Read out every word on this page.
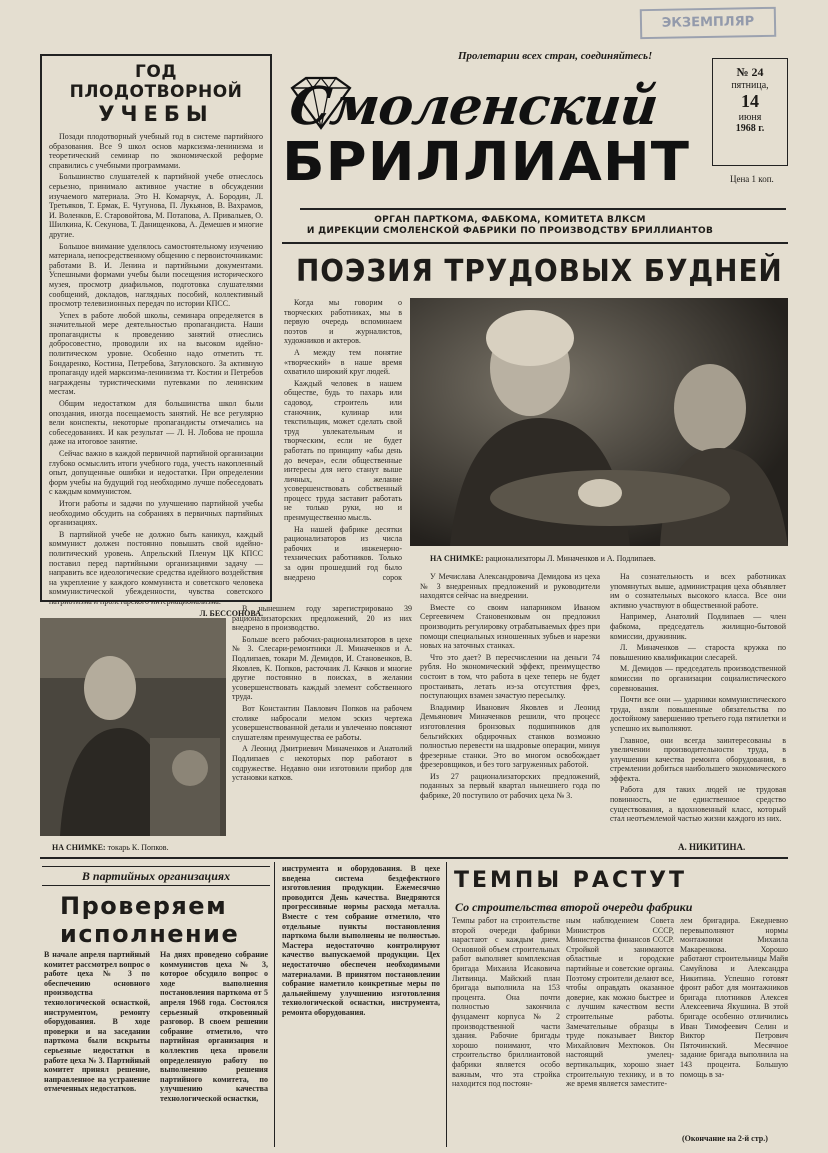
ЭКЗЕМПЛЯР
Пролетарии всех стран, соединяйтесь!
ГОД ПЛОДОТВОРНОЙ
УЧЕБЫ

Позади плодотворный учебный год в системе партийного образования. Все 9 школ основ марксизма-ленинизма и теоретический семинар по экономической реформе справились с учебными программами.

Большинство слушателей к партийной учебе отнеслось серьезно, принимало активное участие в обсуждении изучаемого материала. Это Н. Комарчук, А. Бородин, Л. Третьяков, Т. Ермак, Е. Чугунова, П. Лукьянов, В. Вахрамов, И. Воленков, Е. Старовойтова, М. Потапова, А. Привалыев, О. Шилкина, К. Секунова, Т. Данищенкова, А. Демешев и многие другие.

Большое внимание уделялось самостоятельному изучению материала, непосредственному общению с первоисточниками: работами В. И. Ленина и партийными документами. Успешными формами учебы были посещения исторического музея, просмотр диафильмов, подготовка слушателями сообщений, докладов, наглядных пособий, коллективный просмотр телевизионных передач по истории КПСС.

Успех в работе любой школы, семинара определяется в значительной мере деятельностью пропагандиста. Наши пропагандисты к проведению занятий отнеслись добросовестно, проводили их на высоком идейно-политическом уровне. Особенно надо отметить тт. Бондаренко, Костина, Петребова, Затуловского. За активную пропаганду идей марксизма-ленинизма тт. Костин и Петребов награждены туристическими путевками по ленинским местам.

Общим недостатком для большинства школ были опоздания, иногда посещаемость занятий. Не все регулярно вели конспекты, некоторые пропагандисты отмечались на собеседованиях. И как результат — Л. Н. Лобова не прошла даже на итоговое занятие.

Сейчас важно в каждой первичной партийной организации глубоко осмыслить итоги учебного года, учесть накопленный опыт, допущенные ошибки и недостатки. При определении форм учебы на будущий год необходимо лучше побеседовать с каждым коммунистом.

Итоги работы и задачи по улучшению партийной учебы необходимо обсудить на собраниях в первичных партийных организациях.

В партийной учебе не должно быть каникул, каждый коммунист должен постоянно повышать свой идейно-политический уровень. Апрельский Пленум ЦК КПСС поставил перед партийными организациями задачу — направить все идеологические средства идейного воздействия на укрепление у каждого коммуниста и советского человека коммунистической убежденности, чувства советского патриотизма и пролетарского интернационализма.

Л. БЕССОНОВА.
Смоленский
БРИЛЛИАНТ
№ 24
пятница,
14
июня
1968 г.
Цена 1 коп.
ОРГАН ПАРТКОМА, ФАБКОМА, КОМИТЕТА ВЛКСМ
И ДИРЕКЦИИ СМОЛЕНСКОЙ ФАБРИКИ ПО ПРОИЗВОДСТВУ БРИЛЛИАНТОВ
ПОЭЗИЯ ТРУДОВЫХ БУДНЕЙ

Когда мы говорим о творческих работниках, мы в первую очередь вспоминаем поэтов и журналистов, художников и актеров.

А между тем понятие «творческий» в наше время охватило широкий круг людей.

Каждый человек в нашем обществе, будь то пахарь или садовод, строитель или станочник, кулинар или текстильщик, может сделать свой труд увлекательным и творческим, если не будет работать по принципу «абы день до вечера», если общественные интересы для него станут выше личных, а желание усовершенствовать собственный процесс труда заставит работать не только руки, но и пренмущественно мысль.

На нашей фабрике десятки рационализаторов из числа рабочих и инженерно-технических работников. Только за один прошедший год было внедрено сорок

НА СНИМКЕ: рационализаторы Л. Миначенков и А. Подлипаев.

В нынешнем году зарегистрировано 39 рационализаторских предложений, 20 из них внедрено в производство.

Больше всего рабочих-рационализаторов в цехе № 3. Слесари-ремонтники Л. Миначенков и А. Подлипаев, токари М. Демидов, И. Становенков, В. Яковлев, К. Попков, расточник Л. Качков и многие другие постоянно в поисках, в желании усовершенствовать каждый элемент собственного труда.

Вот Константин Павлович Попков на рабочем столике набросали мелом эскиз чертежа усовершенствованной детали и увлеченно поясняют слушателям преимущества ее работы.

А Леонид Дмитриевич Миначенков и Анатолий Подлипаев с некоторых пор работают в содружестве. Недавно они изготовили прибор для установки катков.

У Мечислава Александровича Демидова из цеха № 3 внедренных предложений и руководители находятся сейчас на внедрении.

Вместе со своим напарником Иваном Сергеевичем Становенковым он предложил производить регулировку отрабатываемых фрез при помощи специальных изношенных зубьев и нарезки новых на заточных станках.

Что это дает? В пересчислении на деньги 74 рубля. Но экономический эффект, преимущество состоит в том, что работа в цехе теперь не будет простаивать, летать из-за отсутствия фрез, поступающих взамен зачастую пересылку.

Владимир Иванович Яковлев и Леонид Демьянович Миначенков решили, что процесс изготовления бронзовых подшипников для бельгийских обдирочных станков возможно полностью перевести на шадровые операции, минуя фрезерные станки. Это во многом освобождает фрезеровщиков, и без того загруженных работой.

Из 27 рационализаторских предложений, поданных за первый квартал нынешнего года по фабрике, 20 поступило от рабочих цеха № 3.

На сознательность и всех работниках упомянутых выше, администрация цеха объявляет им о сознательных высокого класса. Все они активно участвуют в общественной работе.

Например, Анатолий Подлипаев — член фабкома, председатель жилищно-бытовой комиссии, дружинник.

Л. Миначенков — староста кружка по повышению квалификации слесарей.

М. Демидов — председатель производственной комиссии по организации социалистического соревнования.

Почти все они — ударники коммунистического труда, взяли повышенные обязательства по достойному завершению третьего года пятилетки и успешно их выполняют.

Главное, они всегда заинтересованы в увеличении производительности труда, в улучшении качества ремонта оборудования, в стремлении добиться наибольшего экономического эффекта.

Работа для таких людей не трудовая повинность, не единственное средство существования, а вдохновенный класс, который стал неотъемлемой частью жизни каждого из них.

А. НИКИТИНА.
НА СНИМКЕ: токарь К. Попков.
В партийных организациях
Проверяем
исполнение
В начале апреля партийный комитет рассмотрел вопрос о работе цеха № 3 по обеспечению основного производства технологической оснасткой, инструментом, ремонту оборудования. В ходе проверки и на заседании парткома были вскрыты серьезные недостатки в работе цеха № 3. Партийный комитет принял решение, направленное на устранение отмеченных недостатков.
На днях проведено собрание коммунистов цеха № 3, которое обсудило вопрос о ходе выполнения постановления парткома от 5 апреля 1968 года. Состоялся серьезный откровенный разговор. В своем решении собрание отметило, что партийная организация и коллектив цеха провели определенную работу по выполнению решения партийного комитета, по улучшению качества технологической оснастки,
инструмента и оборудования. В цехе введена система бездефектного изготовления продукции. Ежемесячно проводится День качества. Внедряются прогрессивные нормы расхода металла. Вместе с тем собрание отметило, что отдельные пункты постановления парткома были выполнены не полностью. Мастера недостаточно контролируют качество выпускаемой продукции. Цех недостаточно обеспечен необходимыми материалами. В принятом постановлении собрание наметило конкретные меры по дальнейшему улучшению изготовления технологической оснастки, инструмента, ремонта оборудования.
ТЕМПЫ РАСТУТ
Со строительства второй очереди фабрики
Темпы работ на строительстве второй очереди фабрики нарастают с каждым днем. Основной объем строительных работ выполняет комплексная бригада Михаила Исаковича Литвинца. Майский план бригада выполнила на 153 процента. Она почти полностью закончила фундамент корпуса № 2 производственной части здания. Рабочие бригады хорошо понимают, что строительство бриллиантовой фабрики является особо важным, что эта стройка находится под постоян-
ным наблюдением Совета Министров СССР, Министерства финансов СССР. Стройкой занимаются областные и городские партийные и советские органы. Поэтому строители делают все, чтобы оправдать оказанное доверие, как можно быстрее и с лучшим качеством вести строительные работы. Замечательные образцы в труде показывает Виктор Михайлович Мехтюков. Он настоящий умелец-вертикальщик, хорошо знает строительную технику, и в то же время является заместите-
лем бригадира. Ежедневно перевыполняют нормы монтажники Михаила Макаренкова. Хорошо работают строительницы Майя Самуйлова и Александра Никитина. Успешно готовят фронт работ для монтажников бригада плотников Алексея Алексеевича Якушина. В этой бригаде особенно отличились Иван Тимофеевич Селин и Виктор Петрович Пяточинский. Месячное задание бригада выполнила на 143 процента. Большую помощь в за-
(Окончание на 2-й стр.)
